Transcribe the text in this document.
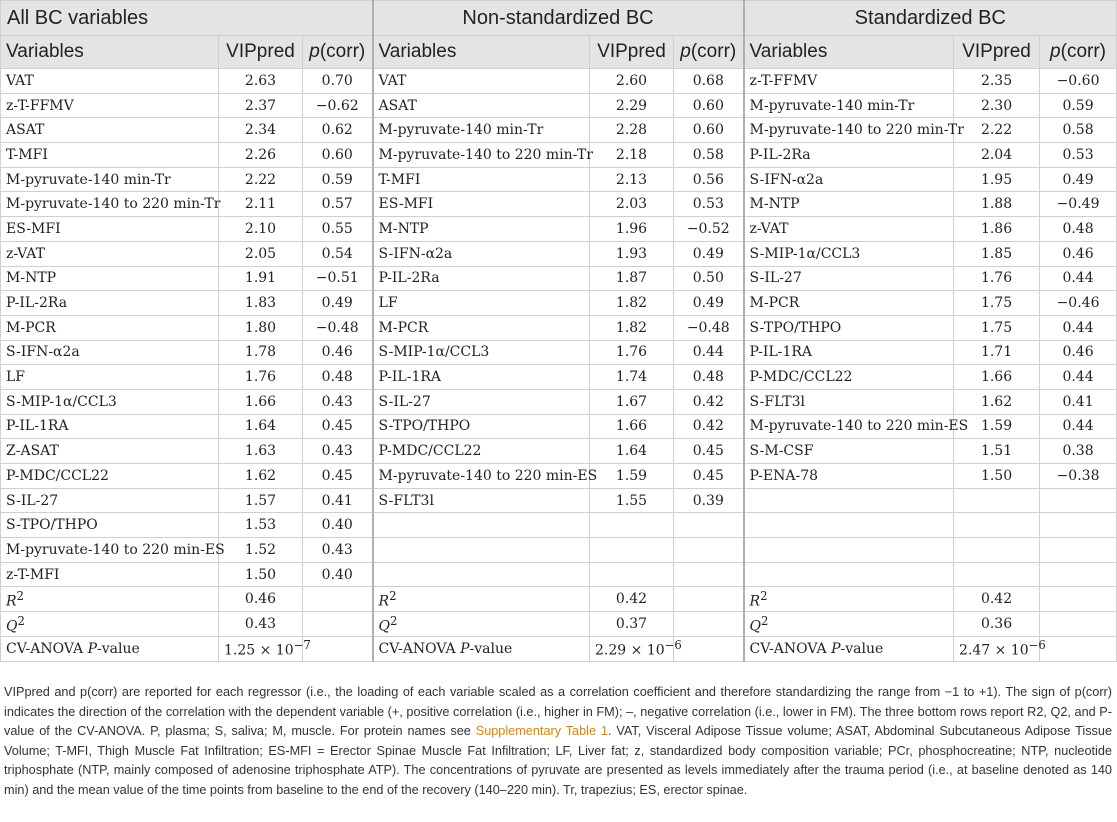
All BC variables			Non-standardized BC			Standardized BC		
Variables	VIPpred	p(corr)	Variables	VIPpred	p(corr)	Variables	VIPpred	p(corr)
VAT	2.63	0.70	VAT	2.60	0.68	z-T-FFMV	2.35	−0.60
z-T-FFMV	2.37	−0.62	ASAT	2.29	0.60	M-pyruvate-140 min-Tr	2.30	0.59
ASAT	2.34	0.62	M-pyruvate-140 min-Tr	2.28	0.60	M-pyruvate-140 to 220 min-Tr	2.22	0.58
T-MFI	2.26	0.60	M-pyruvate-140 to 220 min-Tr	2.18	0.58	P-IL-2Ra	2.04	0.53
M-pyruvate-140 min-Tr	2.22	0.59	T-MFI	2.13	0.56	S-IFN-α2a	1.95	0.49
M-pyruvate-140 to 220 min-Tr	2.11	0.57	ES-MFI	2.03	0.53	M-NTP	1.88	−0.49
ES-MFI	2.10	0.55	M-NTP	1.96	−0.52	z-VAT	1.86	0.48
z-VAT	2.05	0.54	S-IFN-α2a	1.93	0.49	S-MIP-1α/CCL3	1.85	0.46
M-NTP	1.91	−0.51	P-IL-2Ra	1.87	0.50	S-IL-27	1.76	0.44
P-IL-2Ra	1.83	0.49	LF	1.82	0.49	M-PCR	1.75	−0.46
M-PCR	1.80	−0.48	M-PCR	1.82	−0.48	S-TPO/THPO	1.75	0.44
S-IFN-α2a	1.78	0.46	S-MIP-1α/CCL3	1.76	0.44	P-IL-1RA	1.71	0.46
LF	1.76	0.48	P-IL-1RA	1.74	0.48	P-MDC/CCL22	1.66	0.44
S-MIP-1α/CCL3	1.66	0.43	S-IL-27	1.67	0.42	S-FLT3l	1.62	0.41
P-IL-1RA	1.64	0.45	S-TPO/THPO	1.66	0.42	M-pyruvate-140 to 220 min-ES	1.59	0.44
Z-ASAT	1.63	0.43	P-MDC/CCL22	1.64	0.45	S-M-CSF	1.51	0.38
P-MDC/CCL22	1.62	0.45	M-pyruvate-140 to 220 min-ES	1.59	0.45	P-ENA-78	1.50	−0.38
S-IL-27	1.57	0.41	S-FLT3l	1.55	0.39			
S-TPO/THPO	1.53	0.40						
M-pyruvate-140 to 220 min-ES	1.52	0.43						
z-T-MFI	1.50	0.40						
$R^2$	0.46		$R^2$	0.42		$R^2$	0.42	
$Q^2$	0.43		$Q^2$	0.37		$Q^2$	0.36	
CV-ANOVA P-value	$1.25 \times 10^{-7}$		CV-ANOVA P-value	$2.29 \times 10^{-6}$		CV-ANOVA P-value	$2.47 \times 10^{-6}$	
VIPpred and p(corr) are reported for each regressor (i.e., the loading of each variable scaled as a correlation coefficient and therefore standardizing the range from −1 to +1). The sign of p(corr) indicates the direction of the correlation with the dependent variable (+, positive correlation (i.e., higher in FM); –, negative correlation (i.e., lower in FM). The three bottom rows report R2, Q2, and P-value of the CV-ANOVA. P, plasma; S, saliva; M, muscle. For protein names see Supplementary Table 1. VAT, Visceral Adipose Tissue volume; ASAT, Abdominal Subcutaneous Adipose Tissue Volume; T-MFI, Thigh Muscle Fat Infiltration; ES-MFI = Erector Spinae Muscle Fat Infiltration; LF, Liver fat; z, standardized body composition variable; PCr, phosphocreatine; NTP, nucleotide triphosphate (NTP, mainly composed of adenosine triphosphate ATP). The concentrations of pyruvate are presented as levels immediately after the trauma period (i.e., at baseline denoted as 140 min) and the mean value of the time points from baseline to the end of the recovery (140–220 min). Tr, trapezius; ES, erector spinae.
